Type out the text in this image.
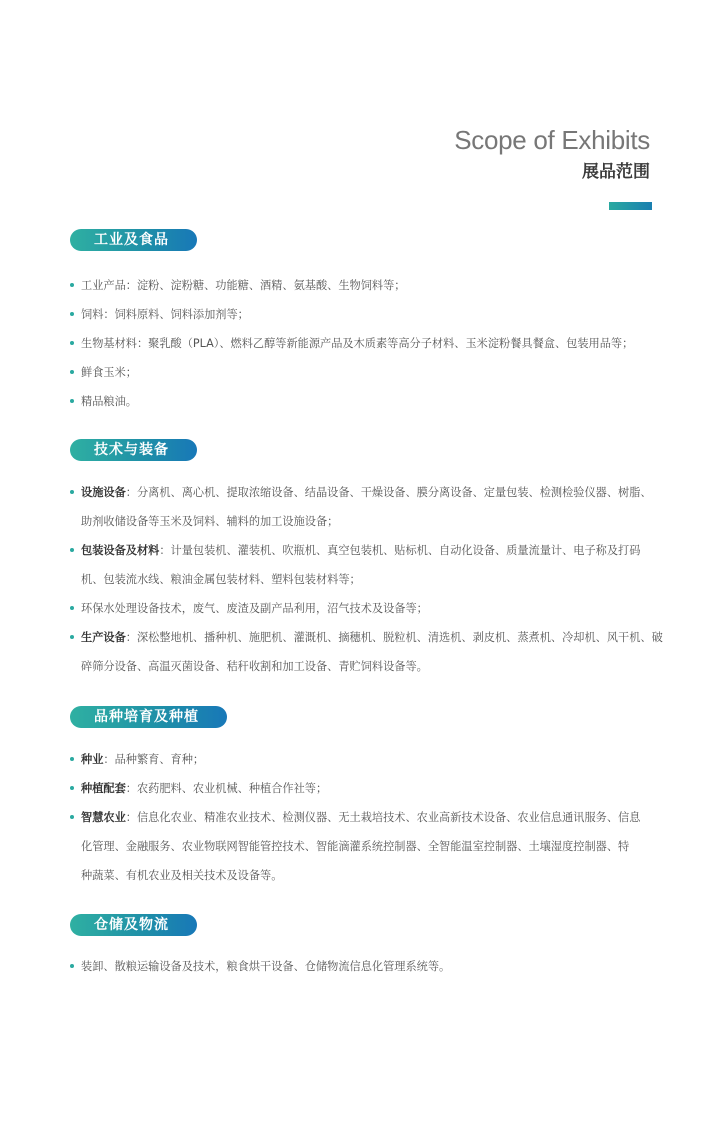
Scope of Exhibits
展品范围
工业及食品
工业产品：淀粉、淀粉糖、功能糖、酒精、氨基酸、生物饲料等；
饲料：饲料原料、饲料添加剂等；
生物基材料：聚乳酸（PLA）、燃料乙醇等新能源产品及木质素等高分子材料、玉米淀粉餐具餐盒、包装用品等；
鲜食玉米；
精品粮油。
技术与装备
设施设备：分离机、离心机、提取浓缩设备、结晶设备、干燥设备、膜分离设备、定量包装、检测检验仪器、树脂、
助剂收储设备等玉米及饲料、辅料的加工设施设备；
包装设备及材料：计量包装机、灌装机、吹瓶机、真空包装机、贴标机、自动化设备、质量流量计、电子称及打码
机、包装流水线、粮油金属包装材料、塑料包装材料等；
环保水处理设备技术，废气、废渣及副产品利用，沼气技术及设备等；
生产设备：深松整地机、播种机、施肥机、灌溉机、摘穗机、脱粒机、清选机、剥皮机、蒸煮机、冷却机、风干机、破
碎筛分设备、高温灭菌设备、秸秆收割和加工设备、青贮饲料设备等。
品种培育及种植
种业：品种繁育、育种；
种植配套：农药肥料、农业机械、种植合作社等；
智慧农业：信息化农业、精准农业技术、检测仪器、无土栽培技术、农业高新技术设备、农业信息通讯服务、信息
化管理、金融服务、农业物联网智能管控技术、智能滴灌系统控制器、全智能温室控制器、土壤湿度控制器、特
种蔬菜、有机农业及相关技术及设备等。
仓储及物流
装卸、散粮运输设备及技术，粮食烘干设备、仓储物流信息化管理系统等。
